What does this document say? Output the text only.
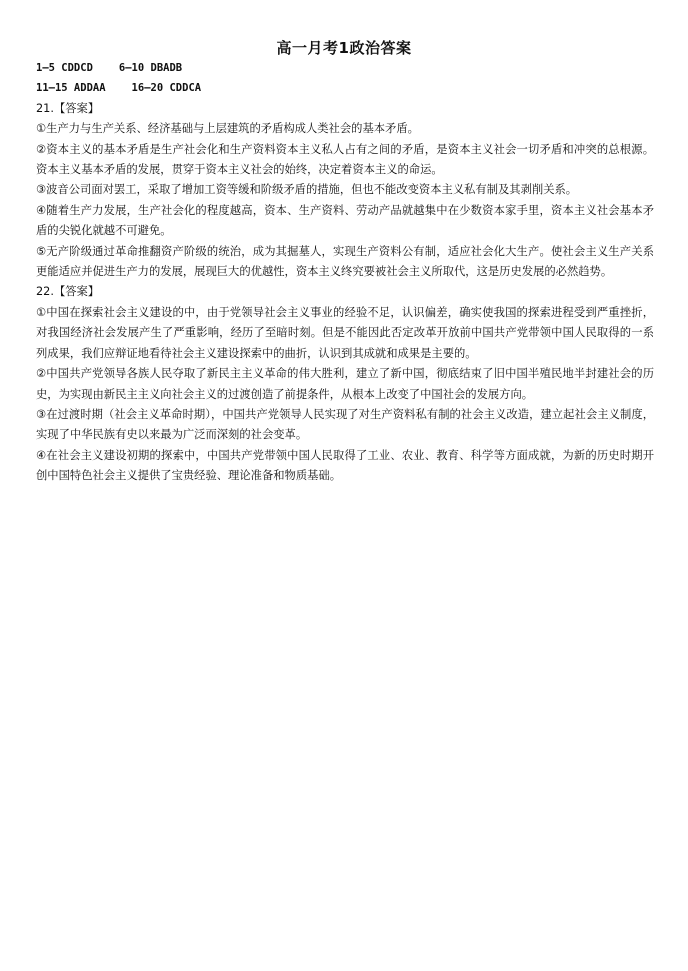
高一月考1政治答案
1—5 CDDCD 6—10 DBADB
11—15 ADDAA 16—20 CDDCA
21.【答案】

①生产力与生产关系、经济基础与上层建筑的矛盾构成人类社会的基本矛盾。

②资本主义的基本矛盾是生产社会化和生产资料资本主义私人占有之间的矛盾，是资本主义社会一切矛盾和冲突的总根源。资本主义基本矛盾的发展，贯穿于资本主义社会的始终，决定着资本主义的命运。

③波音公司面对罢工，采取了增加工资等缓和阶级矛盾的措施，但也不能改变资本主义私有制及其剥削关系。

④随着生产力发展，生产社会化的程度越高，资本、生产资料、劳动产品就越集中在少数资本家手里，资本主义社会基本矛盾的尖锐化就越不可避免。

⑤无产阶级通过革命推翻资产阶级的统治，成为其掘墓人，实现生产资料公有制，适应社会化大生产。使社会主义生产关系更能适应并促进生产力的发展，展现巨大的优越性，资本主义终究要被社会主义所取代，这是历史发展的必然趋势。

22.【答案】

①中国在探索社会主义建设的中，由于党领导社会主义事业的经验不足，认识偏差，确实使我国的探索进程受到严重挫折，对我国经济社会发展产生了严重影响，经历了至暗时刻。但是不能因此否定改革开放前中国共产党带领中国人民取得的一系列成果，我们应辩证地看待社会主义建设探索中的曲折，认识到其成就和成果是主要的。

②中国共产党领导各族人民夺取了新民主主义革命的伟大胜利，建立了新中国，彻底结束了旧中国半殖民地半封建社会的历史，为实现由新民主主义向社会主义的过渡创造了前提条件，从根本上改变了中国社会的发展方向。

③在过渡时期（社会主义革命时期），中国共产党领导人民实现了对生产资料私有制的社会主义改造，建立起社会主义制度，实现了中华民族有史以来最为广泛而深刻的社会变革。

④在社会主义建设初期的探索中，中国共产党带领中国人民取得了工业、农业、教育、科学等方面成就，为新的历史时期开创中国特色社会主义提供了宝贵经验、理论准备和物质基础。
